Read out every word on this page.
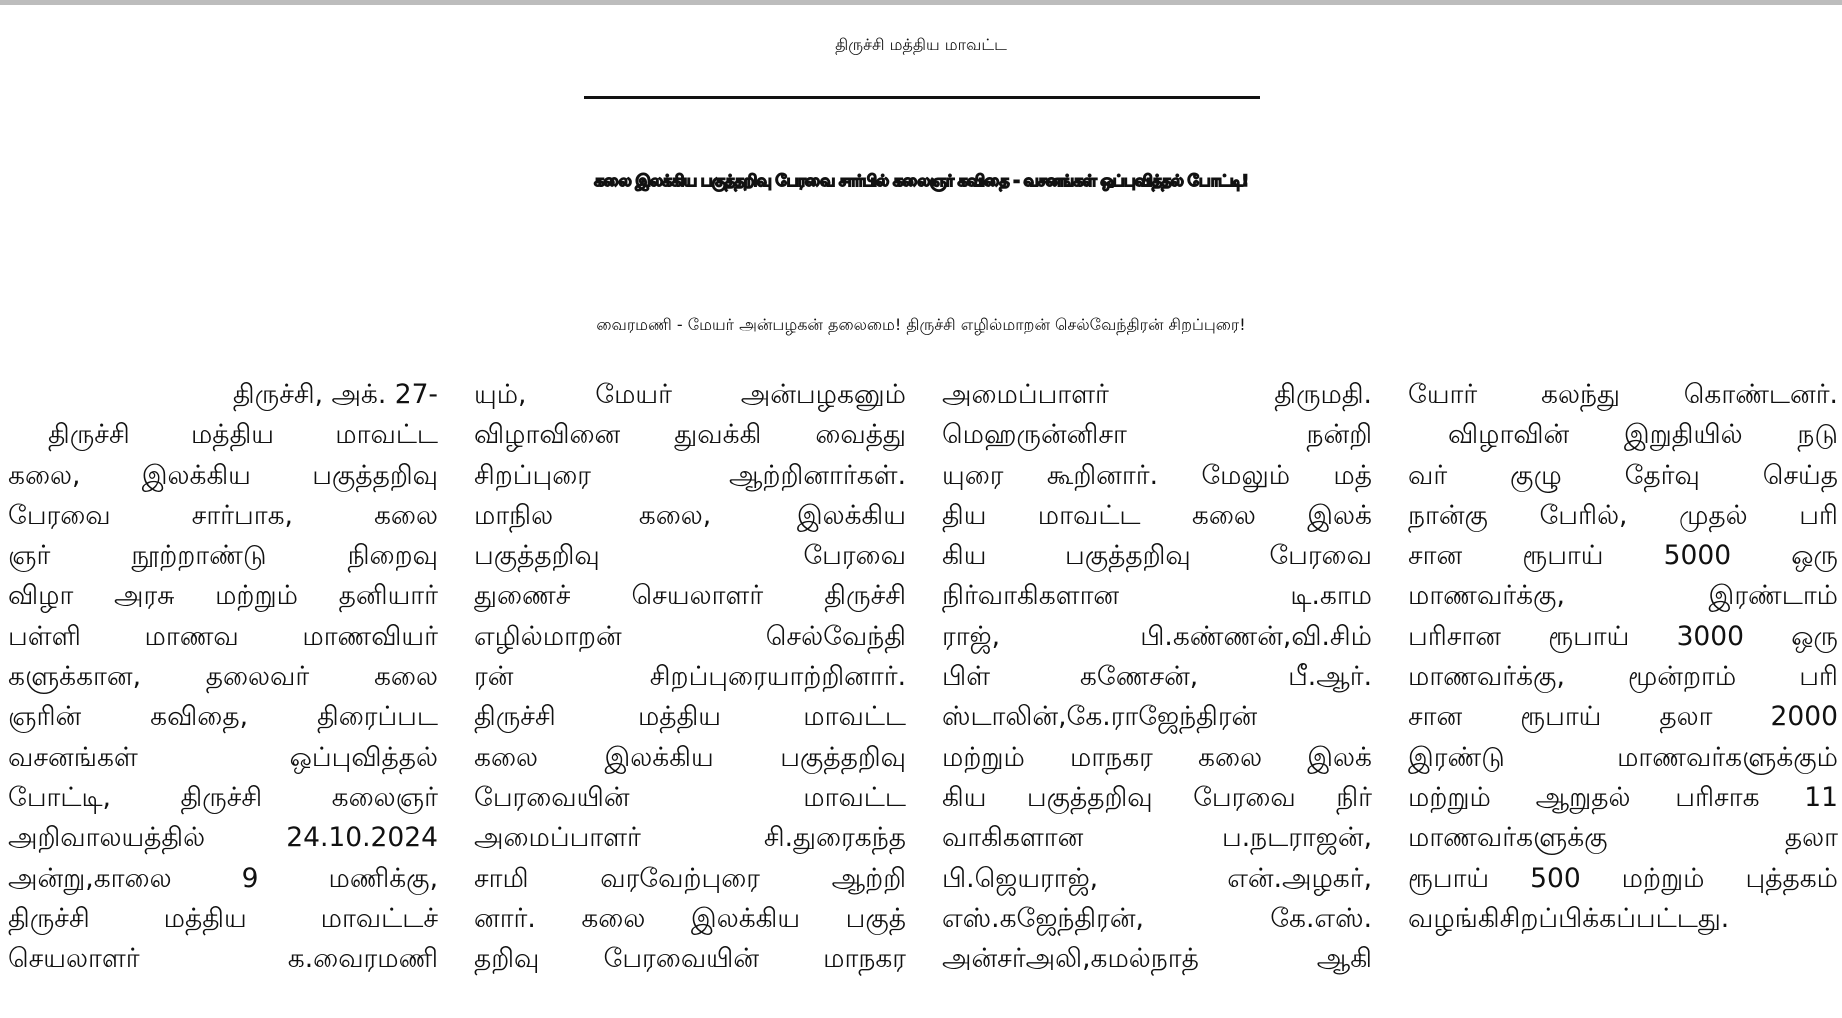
திருச்சி மத்திய மாவட்ட
கலை இலக்கிய பகுத்தறிவு பேரவை சார்பில் கலைஞர் கவிதை - வசனங்கள் ஒப்புவித்தல் போட்டி!
வைரமணி - மேயர் அன்பழகன் தலைமை! திருச்சி எழில்மாறன் செல்வேந்திரன் சிறப்புரை!
திருச்சி, அக். 27-
திருச்சி மத்திய மாவட்ட
கலை, இலக்கிய பகுத்தறிவு
பேரவை சார்பாக, கலை
ஞர் நூற்றாண்டு நிறைவு
விழா அரசு மற்றும் தனியார்
பள்ளி மாணவ மாணவியர்
களுக்கான, தலைவர் கலை
ஞரின் கவிதை, திரைப்பட
வசனங்கள் ஒப்புவித்தல்
போட்டி, திருச்சி கலைஞர்
அறிவாலயத்தில் 24.10.2024
அன்று,காலை 9 மணிக்கு,
திருச்சி மத்திய மாவட்டச்
செயலாளர் க.வைரமணி
யும், மேயர் அன்பழகனும்
விழாவினை துவக்கி வைத்து
சிறப்புரை ஆற்றினார்கள்.
மாநில கலை, இலக்கிய
பகுத்தறிவு பேரவை
துணைச் செயலாளர் திருச்சி
எழில்மாறன் செல்வேந்தி
ரன் சிறப்புரையாற்றினார்.
திருச்சி மத்திய மாவட்ட
கலை இலக்கிய பகுத்தறிவு
பேரவையின் மாவட்ட
அமைப்பாளர் சி.துரைகந்த
சாமி வரவேற்புரை ஆற்றி
னார். கலை இலக்கிய பகுத்
தறிவு பேரவையின் மாநகர
அமைப்பாளர் திருமதி.
மெஹருன்னிசா நன்றி
யுரை கூறினார். மேலும் மத்
திய மாவட்ட கலை இலக்
கிய பகுத்தறிவு பேரவை
நிர்வாகிகளான டி.காம
ராஜ், பி.கண்ணன்,வி.சிம்
பிள் கணேசன், பீ.ஆர்.
ஸ்டாலின்,கே.ராஜேந்திரன்
மற்றும் மாநகர கலை இலக்
கிய பகுத்தறிவு பேரவை நிர்
வாகிகளான ப.நடராஜன்,
பி.ஜெயராஜ், என்.அழகர்,
எஸ்.கஜேந்திரன், கே.எஸ்.
அன்சர்அலி,கமல்நாத் ஆகி
யோர் கலந்து கொண்டனர்.
விழாவின் இறுதியில் நடு
வர் குழு தேர்வு செய்த
நான்கு பேரில், முதல் பரி
சான ரூபாய் 5000 ஒரு
மாணவர்க்கு, இரண்டாம்
பரிசான ரூபாய் 3000 ஒரு
மாணவர்க்கு, மூன்றாம் பரி
சான ரூபாய் தலா 2000
இரண்டு மாணவர்களுக்கும்
மற்றும் ஆறுதல் பரிசாக 11
மாணவர்களுக்கு தலா
ரூபாய் 500 மற்றும் புத்தகம்
வழங்கிசிறப்பிக்கப்பட்டது.
